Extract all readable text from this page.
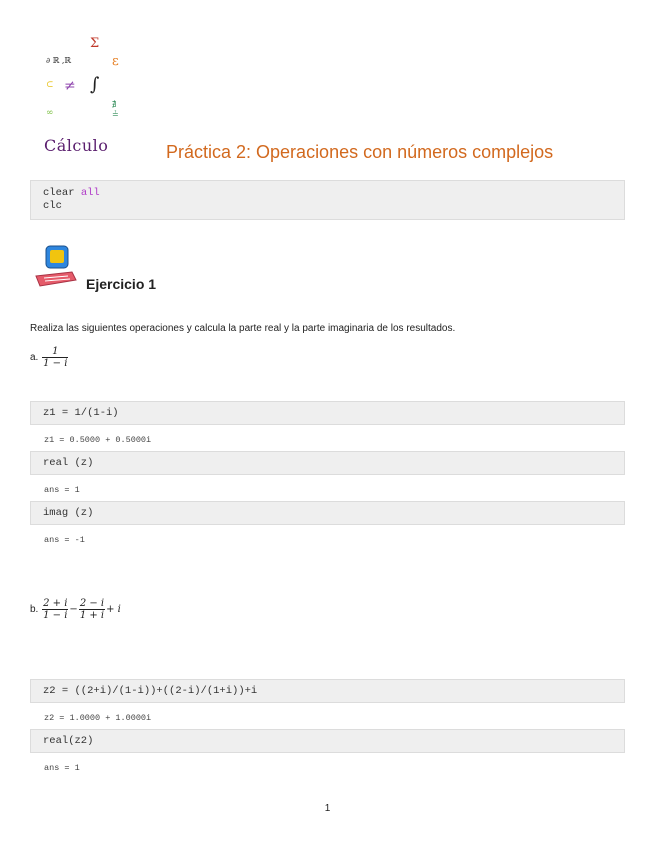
Σ
∂ ℝ ,ℝ	ε
⊂ ≠ ∫
∞
∄
≟
Cálculo	Práctica 2: Operaciones con números complejos
clear all
clc
Ejercicio 1
Realiza las siguientes operaciones y calcula la parte real y la parte imaginaria de los resultados.
a. $\frac{1}{1 - i}$
z1 = 1/(1-i)
z1 = 0.5000 + 0.5000i
real (z)
ans = 1
imag (z)
ans = -1
b. $\frac{2 + i}{1 - i} - \frac{2 - i}{1 + i} + i$
z2 = ((2+i)/(1-i))+((2-i)/(1+i))+i
z2 = 1.0000 + 1.0000i
real(z2)
ans = 1
1
